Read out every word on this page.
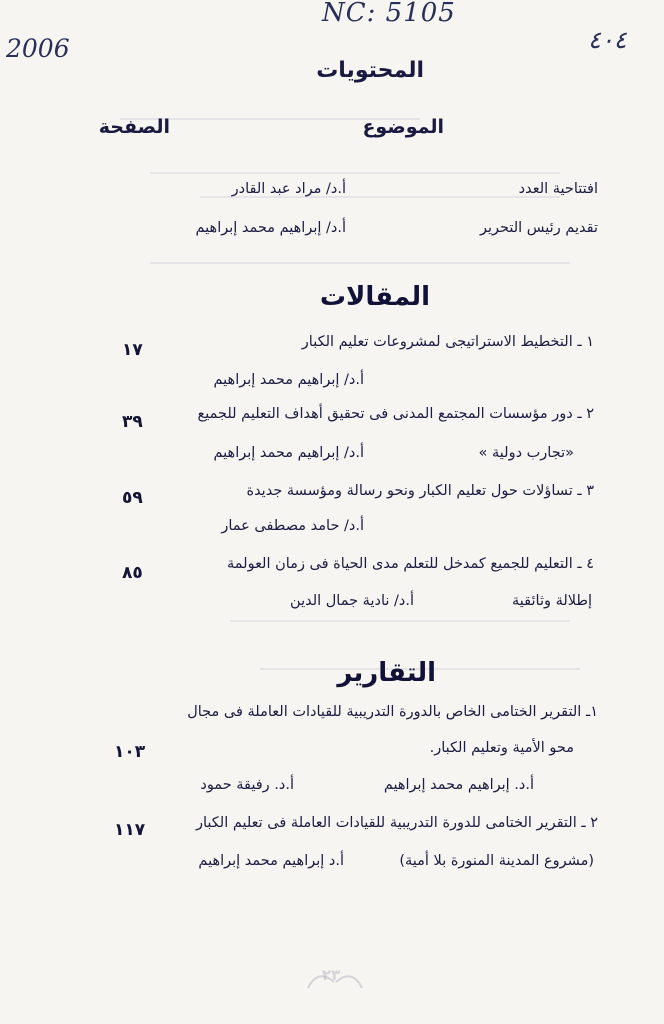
NC: 5105
٤٠٤
2006
المحتويات
الموضوع
الصفحة
افتتاحية العدد
أ.د/ مراد عبد القادر
تقديم رئيس التحرير
أ.د/ إبراهيم محمد إبراهيم
المقالات
١ ـ التخطيط الاستراتيجى لمشروعات تعليم الكبار
١٧
أ.د/ إبراهيم محمد إبراهيم
٢ ـ دور مؤسسات المجتمع المدنى فى تحقيق أهداف التعليم للجميع
٣٩
«تجارب دولية »
أ.د/ إبراهيم محمد إبراهيم
٣ ـ تساؤلات حول تعليم الكبار ونحو رسالة ومؤسسة جديدة
٥٩
أ.د/ حامد مصطفى عمار
٤ ـ التعليم للجميع كمدخل للتعلم مدى الحياة فى زمان العولمة
٨٥
إطلالة وثائقية
أ.د/ نادية جمال الدين
التقارير
١ـ التقرير الختامى الخاص بالدورة التدريبية للقيادات العاملة فى مجال
محو الأمية وتعليم الكبار.
١٠٣
أ.د. إبراهيم محمد إبراهيم
أ.د. رفيقة حمود
٢ ـ التقرير الختامى للدورة التدريبية للقيادات العاملة فى تعليم الكبار
١١٧
(مشروع المدينة المنورة بلا أمية)
أ.د إبراهيم محمد إبراهيم
٢٣
